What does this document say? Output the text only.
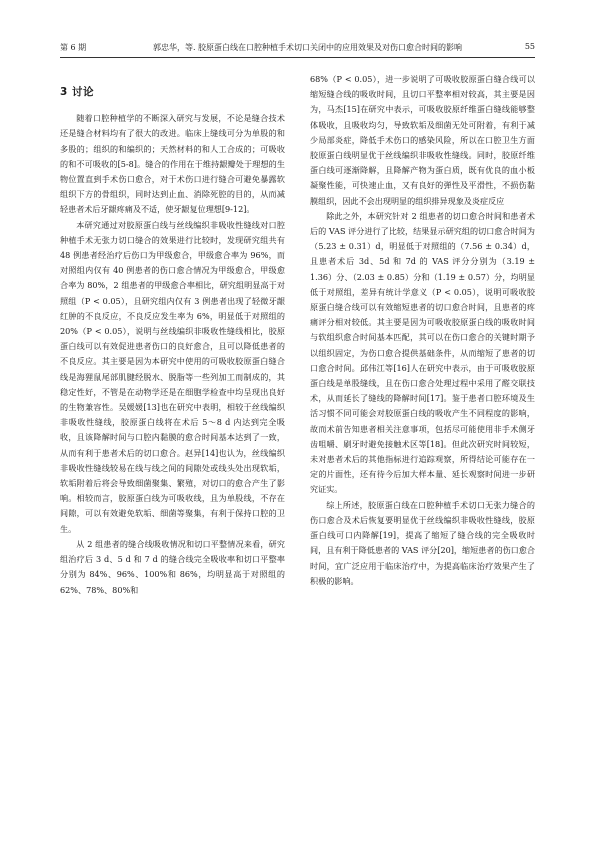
第 6 期	郭忠华，等. 胶原蛋白线在口腔种植手术切口关闭中的应用效果及对伤口愈合时间的影响	55
3 讨论

随着口腔种植学的不断深入研究与发展，不论是缝合技术还是缝合材料均有了很大的改进。临床上缝线可分为单股的和多股的；组织的和编织的；天然材料的和人工合成的；可吸收的和不可吸收的[5-8]。缝合的作用在于维持龈瓣处于理想的生物位置直到手术伤口愈合，对于术伤口进行缝合可避免暴露软组织下方的骨组织，同时达到止血、消除死腔的目的，从而减轻患者术后牙龈疼痛及不适，使牙龈复位理想[9-12]。

本研究通过对胶原蛋白线与丝线编织非吸收性缝线对口腔种植手术无张力切口缝合的效果进行比较时，发现研究组共有 48 例患者经治疗后伤口为甲级愈合，甲级愈合率为 96%，而对照组内仅有 40 例患者的伤口愈合情况为甲级愈合，甲级愈合率为 80%，2 组患者的甲级愈合率相比，研究组明显高于对照组（P < 0.05），且研究组内仅有 3 例患者出现了轻微牙龈红肿的不良反应，不良反应发生率为 6%，明显低于对照组的 20%（P < 0.05），说明与丝线编织非吸收性缝线相比，胶原蛋白线可以有效促进患者伤口的良好愈合，且可以降低患者的不良反应。其主要是因为本研究中使用的可吸收胶原蛋白缝合线是海狸鼠尾部肌腱经脱水、脱脂等一些列加工而制成的，其稳定性好，不管是在动物学还是在细胞学检查中均呈现出良好的生物兼容性。吴媛媛[13]也在研究中表明，相较于丝线编织非吸收性缝线，胶原蛋白线将在术后 5～8 d 内达到完全吸收，且该降解时间与口腔内黏膜的愈合时间基本达到了一致，从而有利于患者术后的切口愈合。赵异[14]也认为，丝线编织非吸收性缝线较易在线与线之间的间隙处或线头处出现软垢，软垢附着后将会导致细菌聚集、繁殖，对切口的愈合产生了影响。相较而言，胶原蛋白线为可吸收线，且为单股线，不存在间隙，可以有效避免软垢、细菌等聚集，有利于保持口腔的卫生。

从 2 组患者的缝合线吸收情况和切口平整情况来看，研究组治疗后 3 d、5 d 和 7 d 的缝合线完全吸收率和切口平整率分别为 84%、96%、100%和 86%，均明显高于对照组的 62%、78%、80%和

68%（P < 0.05），进一步说明了可吸收胶原蛋白缝合线可以缩短缝合线的吸收时间，且切口平整率相对较高，其主要是因为，马杰[15]在研究中表示，可吸收胶原纤维蛋白缝线能够整体吸收，且吸收均匀，导致软垢及细菌无处可附着，有利于减少局部炎症，降低手术伤口的感染风险，所以在口腔卫生方面胶原蛋白线明显优于丝线编织非吸收性缝线。同时，胶原纤维蛋白线可逐渐降解，且降解产物为蛋白质，既有优良的血小板凝聚性能，可快速止血，又有良好的弹性及平滑性，不损伤黏膜组织，因此不会出现明显的组织排异现象及炎症反应

除此之外，本研究针对 2 组患者的切口愈合时间和患者术后的 VAS 评分进行了比较，结果显示研究组的切口愈合时间为（5.23 ± 0.31）d，明显低于对照组的（7.56 ± 0.34）d，且患者术后 3d、5d 和 7d 的 VAS 评分分别为（3.19 ± 1.36）分、（2.03 ± 0.85）分和（1.19 ± 0.57）分，均明显低于对照组，差异有统计学意义（P < 0.05），说明可吸收胶原蛋白缝合线可以有效缩短患者的切口愈合时间，且患者的疼痛评分相对较低。其主要是因为可吸收胶原蛋白线的吸收时间与软组织愈合时间基本匹配，其可以在伤口愈合的关键时期予以组织固定，为伤口愈合提供基础条件，从而缩短了患者的切口愈合时间。邱伟江等[16]人在研究中表示，由于可吸收胶原蛋白线是单股缝线，且在伤口愈合处理过程中采用了醛交联技术，从而延长了缝线的降解时间[17]。鉴于患者口腔环境及生活习惯不同可能会对胶原蛋白线的吸收产生不同程度的影响，故而术前告知患者相关注意事项，包括尽可能使用非手术侧牙齿咀嚼、刷牙时避免接触术区等[18]。但此次研究时间较短，未对患者术后的其他指标进行追踪观察，所得结论可能存在一定的片面性，还有待今后加大样本量、延长观察时间进一步研究证实。

综上所述，胶原蛋白线在口腔种植手术切口无张力缝合的伤口愈合及术后恢复要明显优于丝线编织非吸收性缝线，胶原蛋白线可口内降解[19]，提高了缩短了缝合线的完全吸收时间，且有利于降低患者的 VAS 评分[20]，缩短患者的伤口愈合时间，宜广泛应用于临床治疗中，为提高临床治疗效果产生了积极的影响。
